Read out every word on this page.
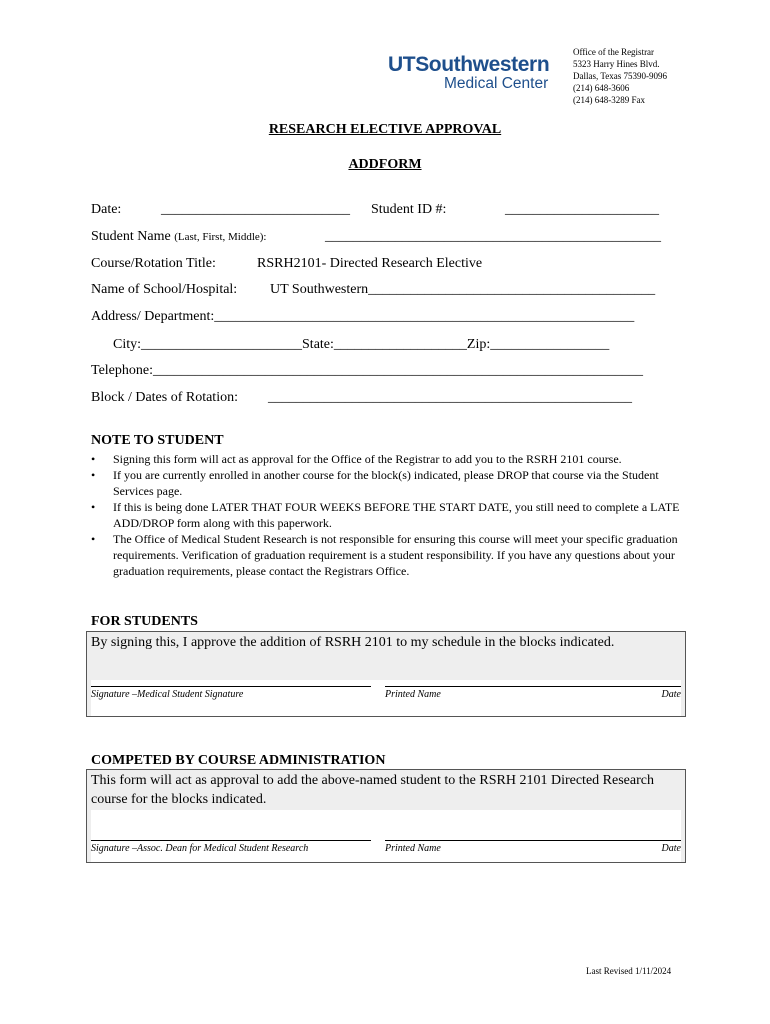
UTSouthwestern
Medical Center
Office of the Registrar
5323 Harry Hines Blvd.
Dallas, Texas 75390-9096
(214) 648-3606
(214) 648-3289 Fax
RESEARCH ELECTIVE APPROVAL
ADDFORM
Date:	___________________________ Student ID #:	______________________
Student Name (Last, First, Middle):	________________________________________________
Course/Rotation Title:	RSRH2101- Directed Research Elective
Name of School/Hospital: UT Southwestern_________________________________________
Address/ Department:____________________________________________________________
City:_______________________State:___________________Zip:_________________
Telephone:______________________________________________________________________
Block / Dates of Rotation: ____________________________________________________
NOTE TO STUDENT
• Signing this form will act as approval for the Office of the Registrar to add you to the RSRH 2101 course.
• If you are currently enrolled in another course for the block(s) indicated, please DROP that course via the Student Services page.
• If this is being done LATER THAT FOUR WEEKS BEFORE THE START DATE, you still need to complete a LATE ADD/DROP form along with this paperwork.
• The Office of Medical Student Research is not responsible for ensuring this course will meet your specific graduation requirements. Verification of graduation requirement is a student responsibility. If you have any questions about your graduation requirements, please contact the Registrars Office.
FOR STUDENTS
By signing this, I approve the addition of RSRH 2101 to my schedule in the blocks indicated.
Signature –Medical Student Signature	Printed Name	Date
COMPETED BY COURSE ADMINISTRATION
This form will act as approval to add the above-named student to the RSRH 2101 Directed Research course for the blocks indicated.
Signature –Assoc. Dean for Medical Student Research	Printed Name	Date
Last Revised 1/11/2024
